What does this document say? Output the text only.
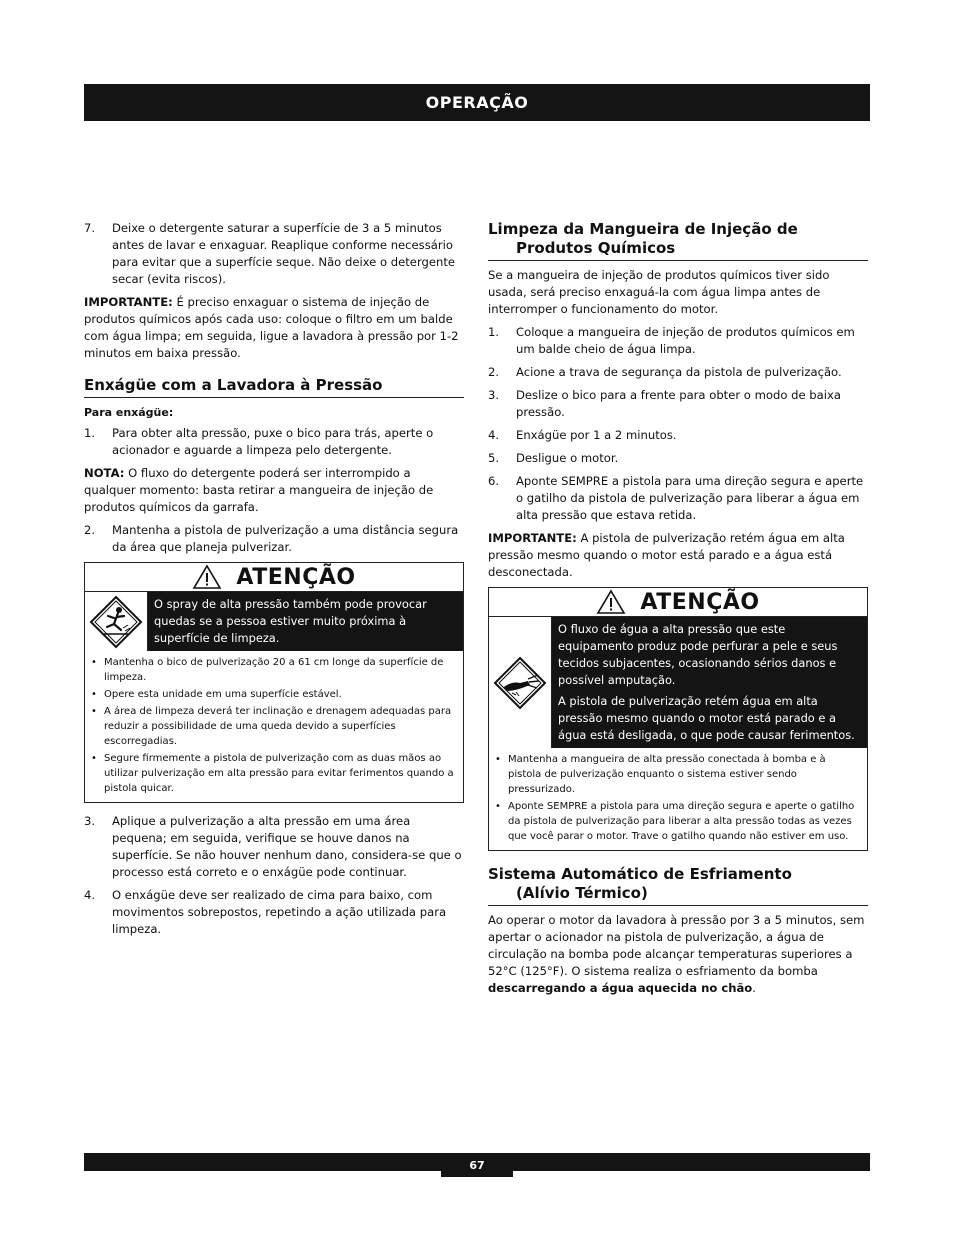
OPERAÇÃO
7.	Deixe o detergente saturar a superfície de 3 a 5 minutos antes de lavar e enxaguar. Reaplique conforme necessário para evitar que a superfície seque. Não deixe o detergente secar (evita riscos).

IMPORTANTE: É preciso enxaguar o sistema de injeção de produtos químicos após cada uso: coloque o filtro em um balde com água limpa; em seguida, ligue a lavadora à pressão por 1-2 minutos em baixa pressão.

Enxágüe com a Lavadora à Pressão

Para enxágüe:

1.	Para obter alta pressão, puxe o bico para trás, aperte o acionador e aguarde a limpeza pelo detergente.

NOTA: O fluxo do detergente poderá ser interrompido a qualquer momento: basta retirar a mangueira de injeção de produtos químicos da garrafa.

2.	Mantenha a pistola de pulverização a uma distância segura da área que planeja pulverizar.
ATENÇÃO

O spray de alta pressão também pode provocar quedas se a pessoa estiver muito próxima à superfície de limpeza.

• Mantenha o bico de pulverização 20 a 61 cm longe da superfície de limpeza.
• Opere esta unidade em uma superfície estável.
• A área de limpeza deverá ter inclinação e drenagem adequadas para reduzir a possibilidade de uma queda devido a superfícies escorregadias.
• Segure firmemente a pistola de pulverização com as duas mãos ao utilizar pulverização em alta pressão para evitar ferimentos quando a pistola quicar.
3.	Aplique a pulverização a alta pressão em uma área pequena; em seguida, verifique se houve danos na superfície. Se não houver nenhum dano, considera-se que o processo está correto e o enxágüe pode continuar.
4.	O enxágüe deve ser realizado de cima para baixo, com movimentos sobrepostos, repetindo a ação utilizada para limpeza.
Limpeza da Mangueira de Injeção de
Produtos Químicos

Se a mangueira de injeção de produtos químicos tiver sido usada, será preciso enxaguá-la com água limpa antes de interromper o funcionamento do motor.

1.	Coloque a mangueira de injeção de produtos químicos em um balde cheio de água limpa.
2.	Acione a trava de segurança da pistola de pulverização.
3.	Deslize o bico para a frente para obter o modo de baixa pressão.
4.	Enxágüe por 1 a 2 minutos.
5.	Desligue o motor.
6.	Aponte SEMPRE a pistola para uma direção segura e aperte o gatilho da pistola de pulverização para liberar a água em alta pressão que estava retida.

IMPORTANTE: A pistola de pulverização retém água em alta pressão mesmo quando o motor está parado e a água está desconectada.

ATENÇÃO

O fluxo de água a alta pressão que este equipamento produz pode perfurar a pele e seus tecidos subjacentes, ocasionando sérios danos e possível amputação.

A pistola de pulverização retém água em alta pressão mesmo quando o motor está parado e a água está desligada, o que pode causar ferimentos.

• Mantenha a mangueira de alta pressão conectada à bomba e à pistola de pulverização enquanto o sistema estiver sendo pressurizado.
• Aponte SEMPRE a pistola para uma direção segura e aperte o gatilho da pistola de pulverização para liberar a alta pressão todas as vezes que você parar o motor. Trave o gatilho quando não estiver em uso.
Sistema Automático de Esfriamento
(Alívio Térmico)

Ao operar o motor da lavadora à pressão por 3 a 5 minutos, sem apertar o acionador na pistola de pulverização, a água de circulação na bomba pode alcançar temperaturas superiores a 52°C (125°F). O sistema realiza o esfriamento da bomba descarregando a água aquecida no chão.

67
